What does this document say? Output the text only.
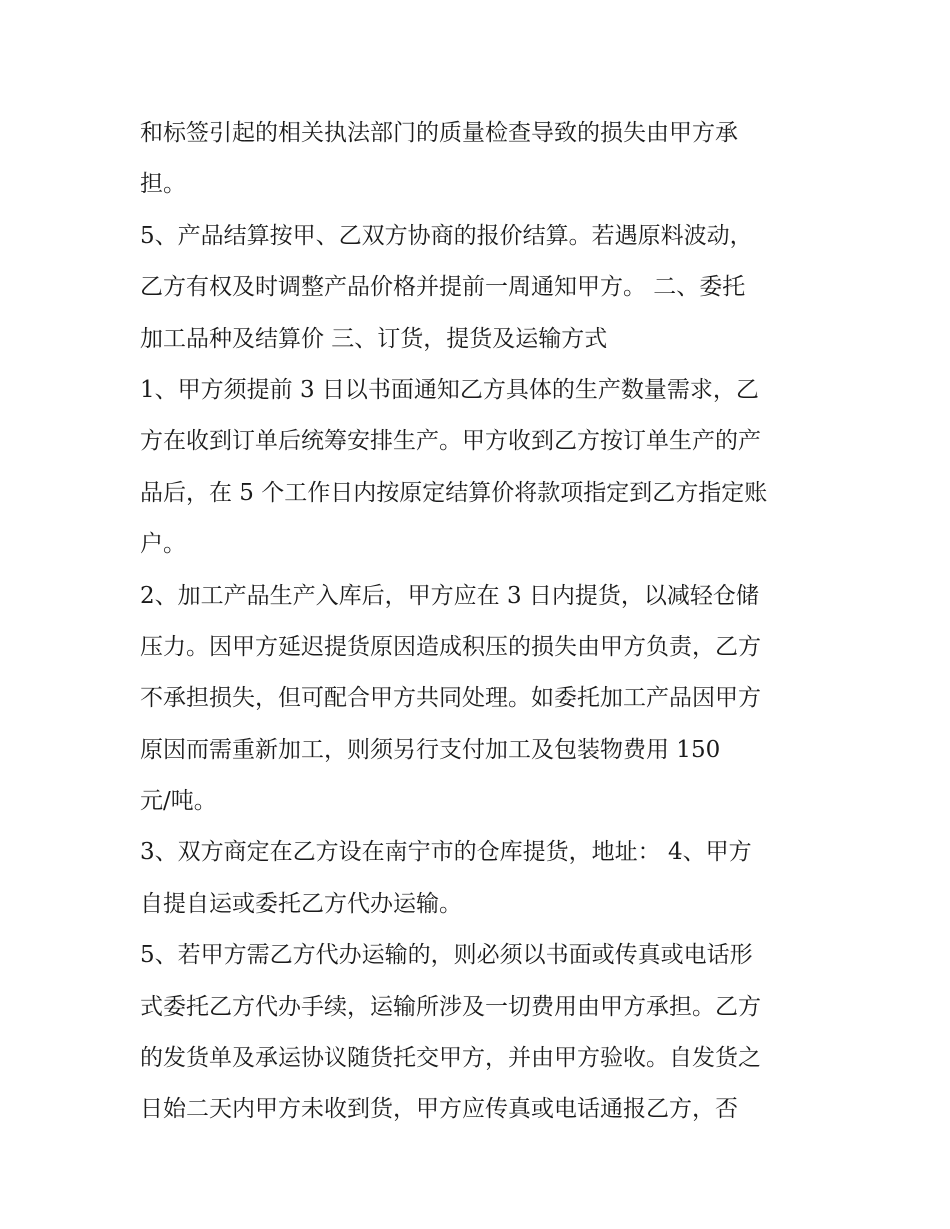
和标签引起的相关执法部门的质量检查导致的损失由甲方承
担。
5、产品结算按甲、乙双方协商的报价结算。若遇原料波动，
乙方有权及时调整产品价格并提前一周通知甲方。 二、委托
加工品种及结算价 三、订货，提货及运输方式
1、甲方须提前 3 日以书面通知乙方具体的生产数量需求，乙
方在收到订单后统筹安排生产。甲方收到乙方按订单生产的产
品后，在 5 个工作日内按原定结算价将款项指定到乙方指定账
户。
2、加工产品生产入库后，甲方应在 3 日内提货，以减轻仓储
压力。因甲方延迟提货原因造成积压的损失由甲方负责，乙方
不承担损失，但可配合甲方共同处理。如委托加工产品因甲方
原因而需重新加工，则须另行支付加工及包装物费用 150
元/吨。
3、双方商定在乙方设在南宁市的仓库提货，地址： 4、甲方
自提自运或委托乙方代办运输。
5、若甲方需乙方代办运输的，则必须以书面或传真或电话形
式委托乙方代办手续，运输所涉及一切费用由甲方承担。乙方
的发货单及承运协议随货托交甲方，并由甲方验收。自发货之
日始二天内甲方未收到货，甲方应传真或电话通报乙方，否
